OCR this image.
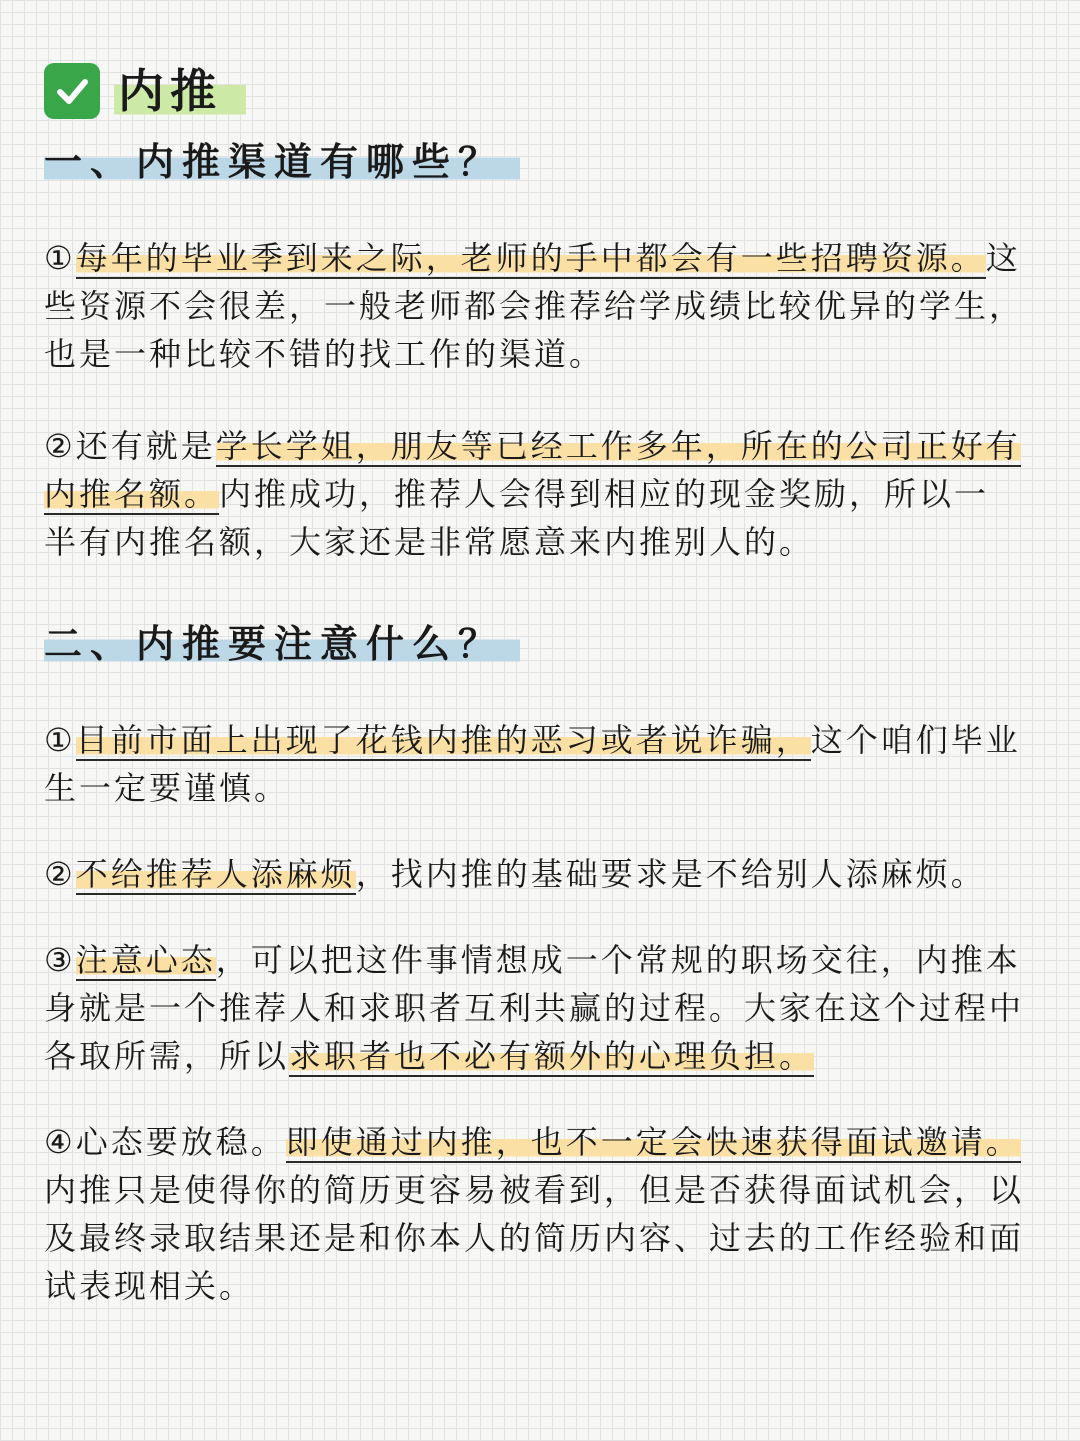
内推
一、内推渠道有哪些？

①每年的毕业季到来之际，老师的手中都会有一些招聘资源。这些资源不会很差，一般老师都会推荐给学成绩比较优异的学生，也是一种比较不错的找工作的渠道。

②还有就是学长学姐，朋友等已经工作多年，所在的公司正好有内推名额。内推成功，推荐人会得到相应的现金奖励，所以一半有内推名额，大家还是非常愿意来内推别人的。

二、内推要注意什么？

①目前市面上出现了花钱内推的恶习或者说诈骗，这个咱们毕业生一定要谨慎。

②不给推荐人添麻烦，找内推的基础要求是不给别人添麻烦。

③注意心态，可以把这件事情想成一个常规的职场交往，内推本身就是一个推荐人和求职者互利共赢的过程。大家在这个过程中各取所需，所以求职者也不必有额外的心理负担。

④心态要放稳。即使通过内推，也不一定会快速获得面试邀请。内推只是使得你的简历更容易被看到，但是否获得面试机会，以及最终录取结果还是和你本人的简历内容、过去的工作经验和面试表现相关。
